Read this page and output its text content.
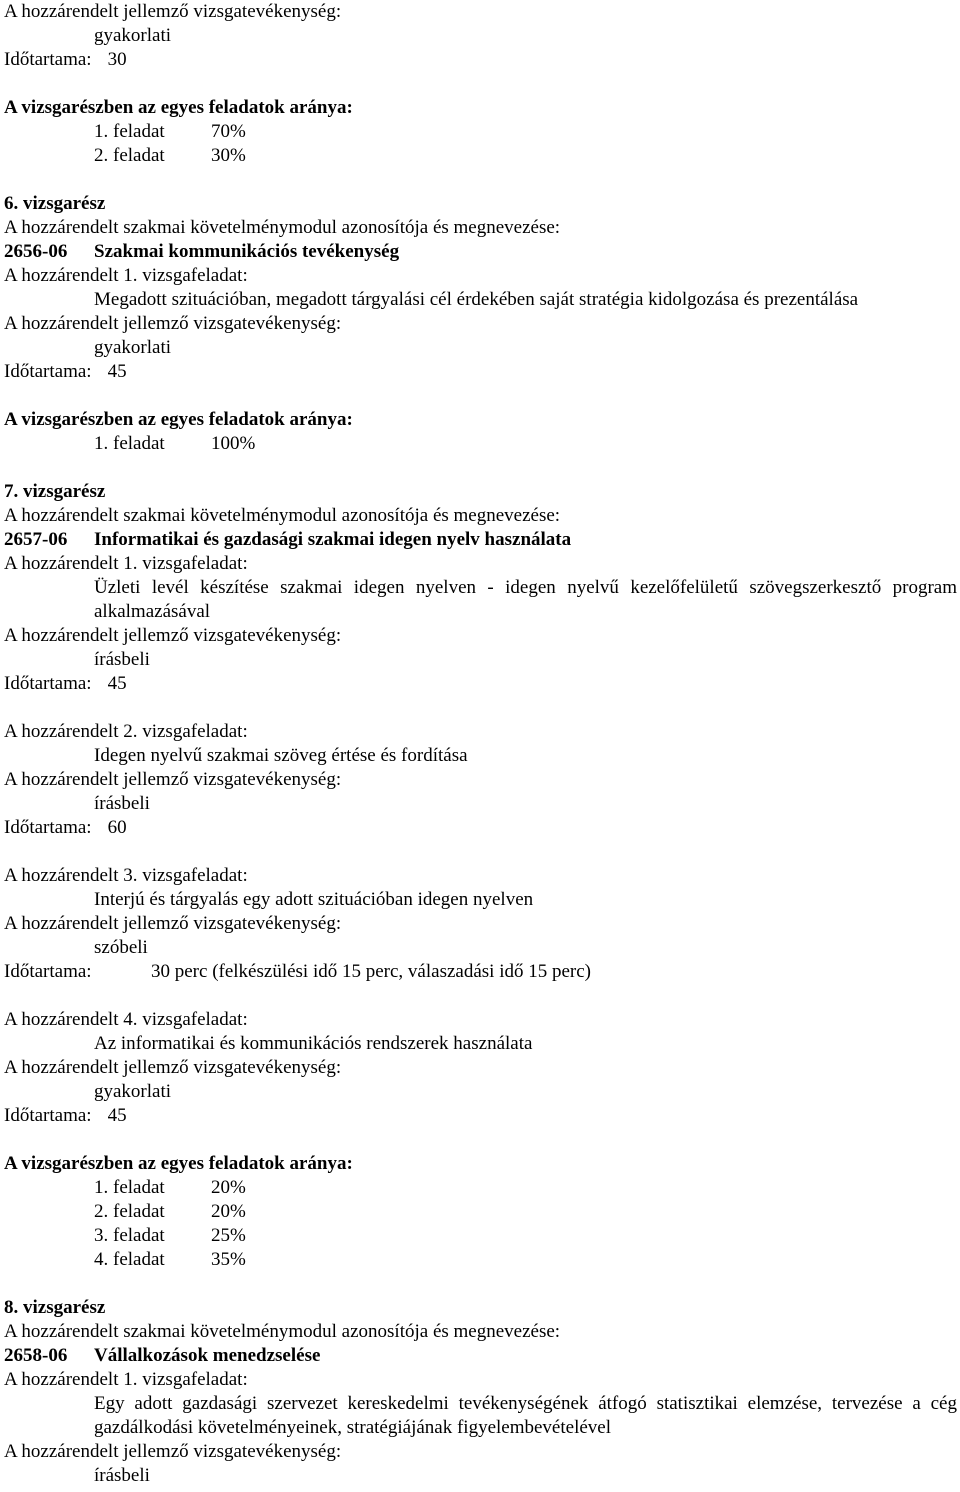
A hozzárendelt jellemző vizsgatevékenység:
gyakorlati
Időtartama: 30
A vizsgarészben az egyes feladatok aránya:
1. feladat 70%
2. feladat 30%
6. vizsgarész
A hozzárendelt szakmai követelménymodul azonosítója és megnevezése:
2656-06 Szakmai kommunikációs tevékenység
A hozzárendelt 1. vizsgafeladat:
Megadott szituációban, megadott tárgyalási cél érdekében saját stratégia kidolgozása és prezentálása
A hozzárendelt jellemző vizsgatevékenység:
gyakorlati
Időtartama: 45
A vizsgarészben az egyes feladatok aránya:
1. feladat 100%
7. vizsgarész
A hozzárendelt szakmai követelménymodul azonosítója és megnevezése:
2657-06 Informatikai és gazdasági szakmai idegen nyelv használata
A hozzárendelt 1. vizsgafeladat:
Üzleti levél készítése szakmai idegen nyelven - idegen nyelvű kezelőfelületű szövegszerkesztő program alkalmazásával
A hozzárendelt jellemző vizsgatevékenység:
írásbeli
Időtartama: 45
A hozzárendelt 2. vizsgafeladat:
Idegen nyelvű szakmai szöveg értése és fordítása
A hozzárendelt jellemző vizsgatevékenység:
írásbeli
Időtartama: 60
A hozzárendelt 3. vizsgafeladat:
Interjú és tárgyalás egy adott szituációban idegen nyelven
A hozzárendelt jellemző vizsgatevékenység:
szóbeli
Időtartama:	30 perc (felkészülési idő 15 perc, válaszadási idő 15 perc)
A hozzárendelt 4. vizsgafeladat:
Az informatikai és kommunikációs rendszerek használata
A hozzárendelt jellemző vizsgatevékenység:
gyakorlati
Időtartama: 45
A vizsgarészben az egyes feladatok aránya:
1. feladat 20%
2. feladat 20%
3. feladat 25%
4. feladat 35%
8. vizsgarész
A hozzárendelt szakmai követelménymodul azonosítója és megnevezése:
2658-06 Vállalkozások menedzselése
A hozzárendelt 1. vizsgafeladat:
Egy adott gazdasági szervezet kereskedelmi tevékenységének átfogó statisztikai elemzése, tervezése a cég gazdálkodási követelményeinek, stratégiájának figyelembevételével
A hozzárendelt jellemző vizsgatevékenység:
írásbeli
